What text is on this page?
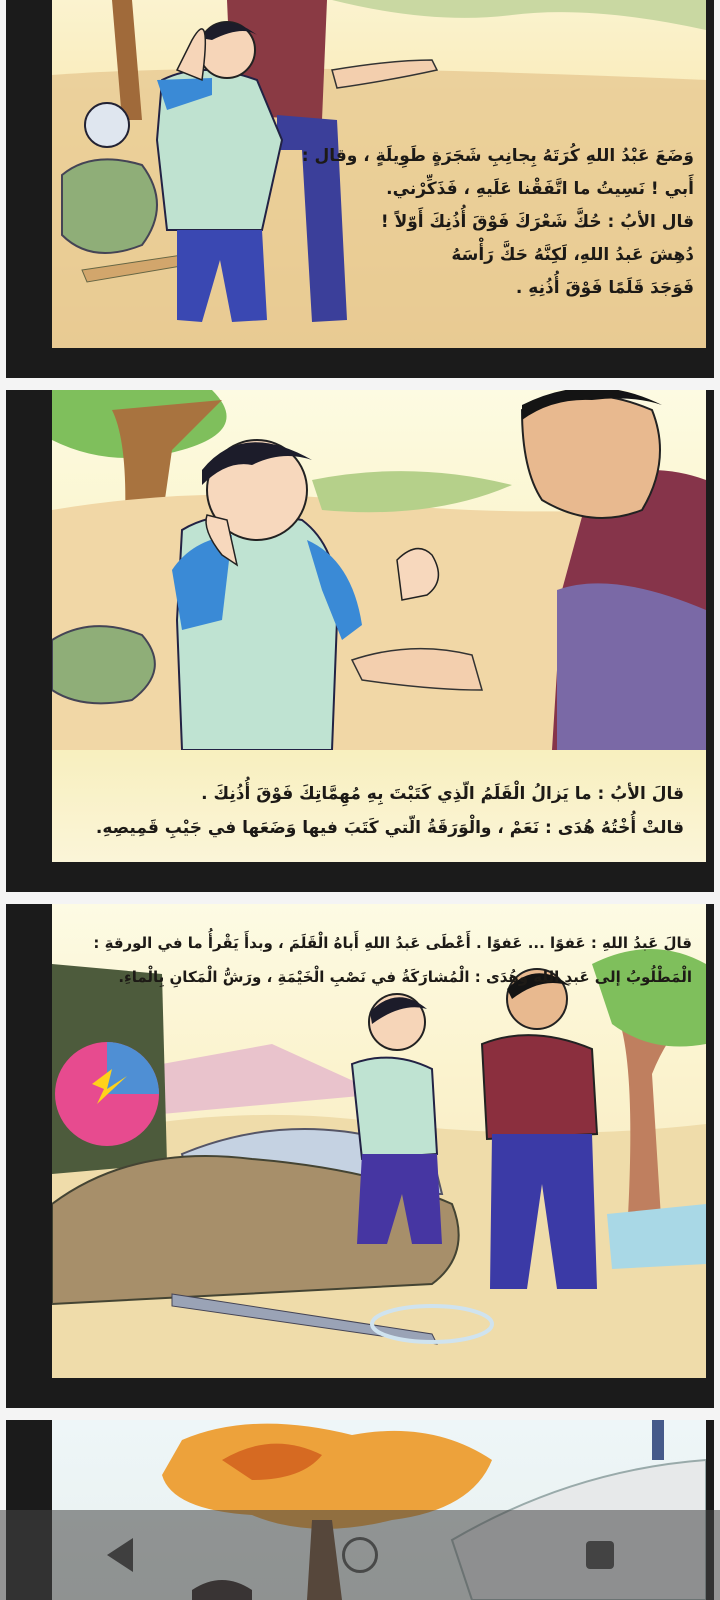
وَضَعَ عَبْدُ اللهِ كُرَتَهُ بِجانِبِ شَجَرَةٍ طَوِيلَةٍ ، وقال :
أَبي ! نَسِيتُ ما اتَّفَقْنا عَلَيهِ ، فَذَكِّرْني.
قال الأبُ : حُكَّ شَعْرَكَ فَوْقَ أُذُنِكَ أَوّلاً !
دُهِشَ عَبدُ اللهِ، لَكِنَّهُ حَكَّ رَأْسَهُ
فَوَجَدَ قَلَمًا فَوْقَ أُذُنِهِ .
قالَ الأبُ : ما يَزالُ الْقَلَمُ الّذِي كَتَبْتَ بِهِ مُهِمَّاتِكَ فَوْقَ أُذُنِكَ .
قالتْ أُخْتُهُ هُدَى : نَعَمْ ، والْوَرَقَةُ الّتي كَتَبَ فيها وَضَعَها في جَيْبِ قَمِيصِهِ.
قالَ عَبدُ اللهِ : عَفوًا ... عَفوًا . أَعْطَى عَبدُ اللهِ أَباهُ الْقَلَمَ ، وبدأَ يَقْرأُ ما في الورقةِ :
الْمَطْلُوبُ إلى عَبدِ اللهِ وهُدَى : الْمُشارَكَةُ في نَصْبِ الْخَيْمَةِ ، ورَشُّ الْمَكانِ بِالْماءِ.
